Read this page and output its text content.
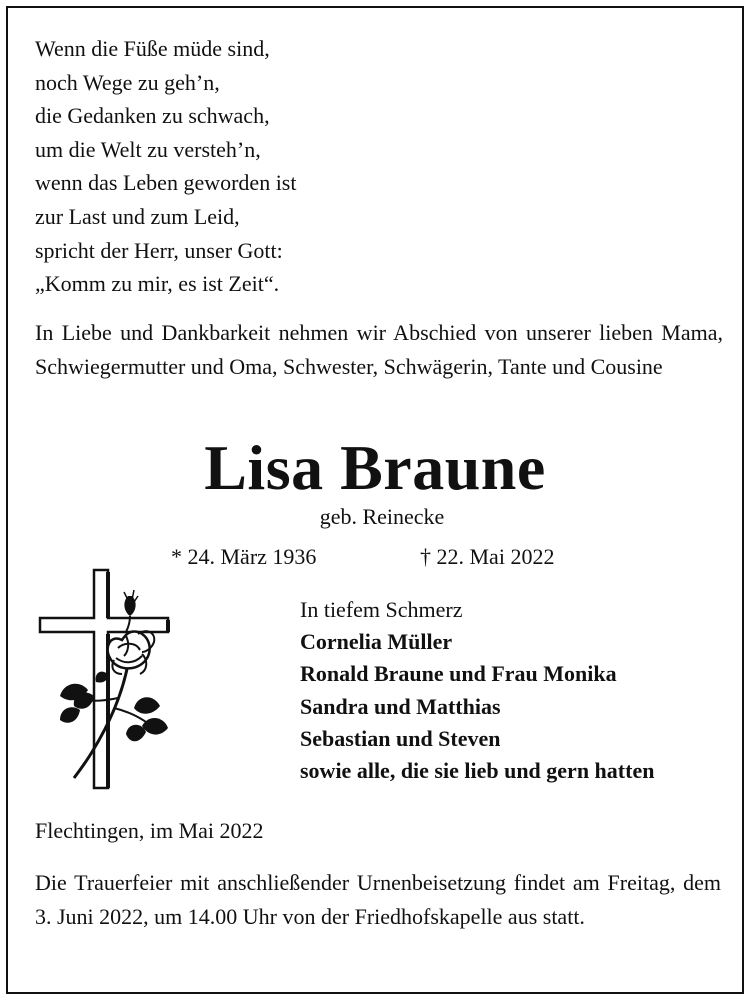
Wenn die Füße müde sind,
noch Wege zu geh’n,
die Gedanken zu schwach,
um die Welt zu versteh’n,
wenn das Leben geworden ist
zur Last und zum Leid,
spricht der Herr, unser Gott:
„Komm zu mir, es ist Zeit“.
In Liebe und Dankbarkeit nehmen wir Abschied von unserer lieben Mama, Schwiegermutter und Oma, Schwester, Schwägerin, Tante und Cousine
Lisa Braune
geb. Reinecke
* 24. März 1936	† 22. Mai 2022
In tiefem Schmerz
Cornelia Müller
Ronald Braune und Frau Monika
Sandra und Matthias
Sebastian und Steven
sowie alle, die sie lieb und gern hatten
Flechtingen, im Mai 2022
Die Trauerfeier mit anschließender Urnenbeisetzung findet am Freitag, dem 3. Juni 2022, um 14.00 Uhr von der Friedhofskapelle aus statt.
